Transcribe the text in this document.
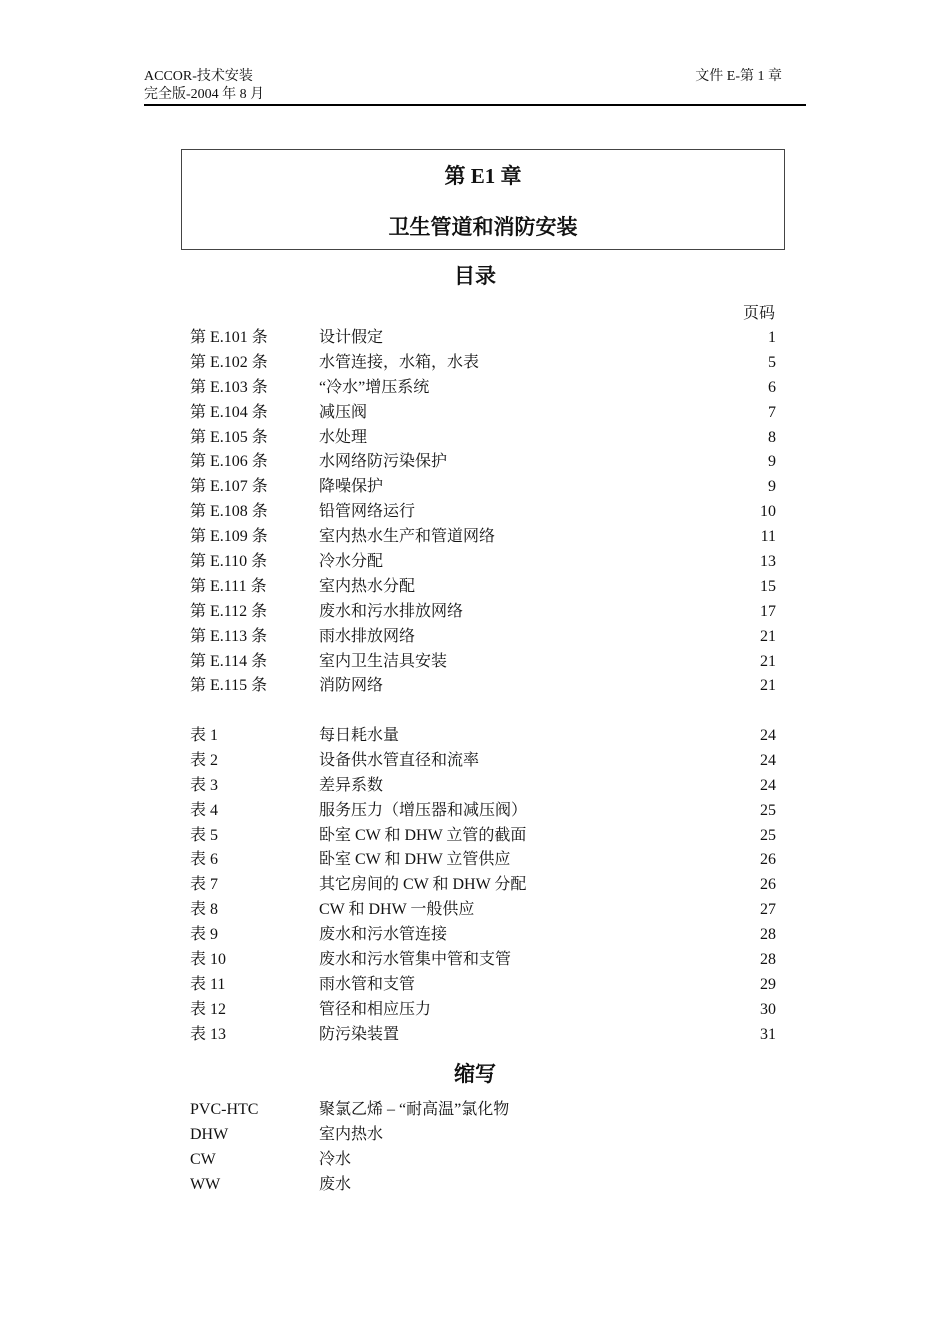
ACCOR-技术安装
完全版-2004 年 8 月
文件 E-第 1 章
第 E1 章
卫生管道和消防安装
目录
页码
第 E.101 条	设计假定	1
第 E.102 条	水管连接，水箱，水表	5
第 E.103 条	“冷水”增压系统	6
第 E.104 条	减压阀	7
第 E.105 条	水处理	8
第 E.106 条	水网络防污染保护	9
第 E.107 条	降噪保护	9
第 E.108 条	铅管网络运行	10
第 E.109 条	室内热水生产和管道网络	11
第 E.110 条	冷水分配	13
第 E.111 条	室内热水分配	15
第 E.112 条	废水和污水排放网络	17
第 E.113 条	雨水排放网络	21
第 E.114 条	室内卫生洁具安装	21
第 E.115 条	消防网络	21
表 1	每日耗水量	24
表 2	设备供水管直径和流率	24
表 3	差异系数	24
表 4	服务压力（增压器和减压阀）	25
表 5	卧室 CW 和 DHW 立管的截面	25
表 6	卧室 CW 和 DHW 立管供应	26
表 7	其它房间的 CW 和 DHW 分配	26
表 8	CW 和 DHW 一般供应	27
表 9	废水和污水管连接	28
表 10	废水和污水管集中管和支管	28
表 11	雨水管和支管	29
表 12	管径和相应压力	30
表 13	防污染装置	31
缩写
PVC-HTC	聚氯乙烯 – “耐高温”氯化物
DHW	室内热水
CW	冷水
WW	废水
